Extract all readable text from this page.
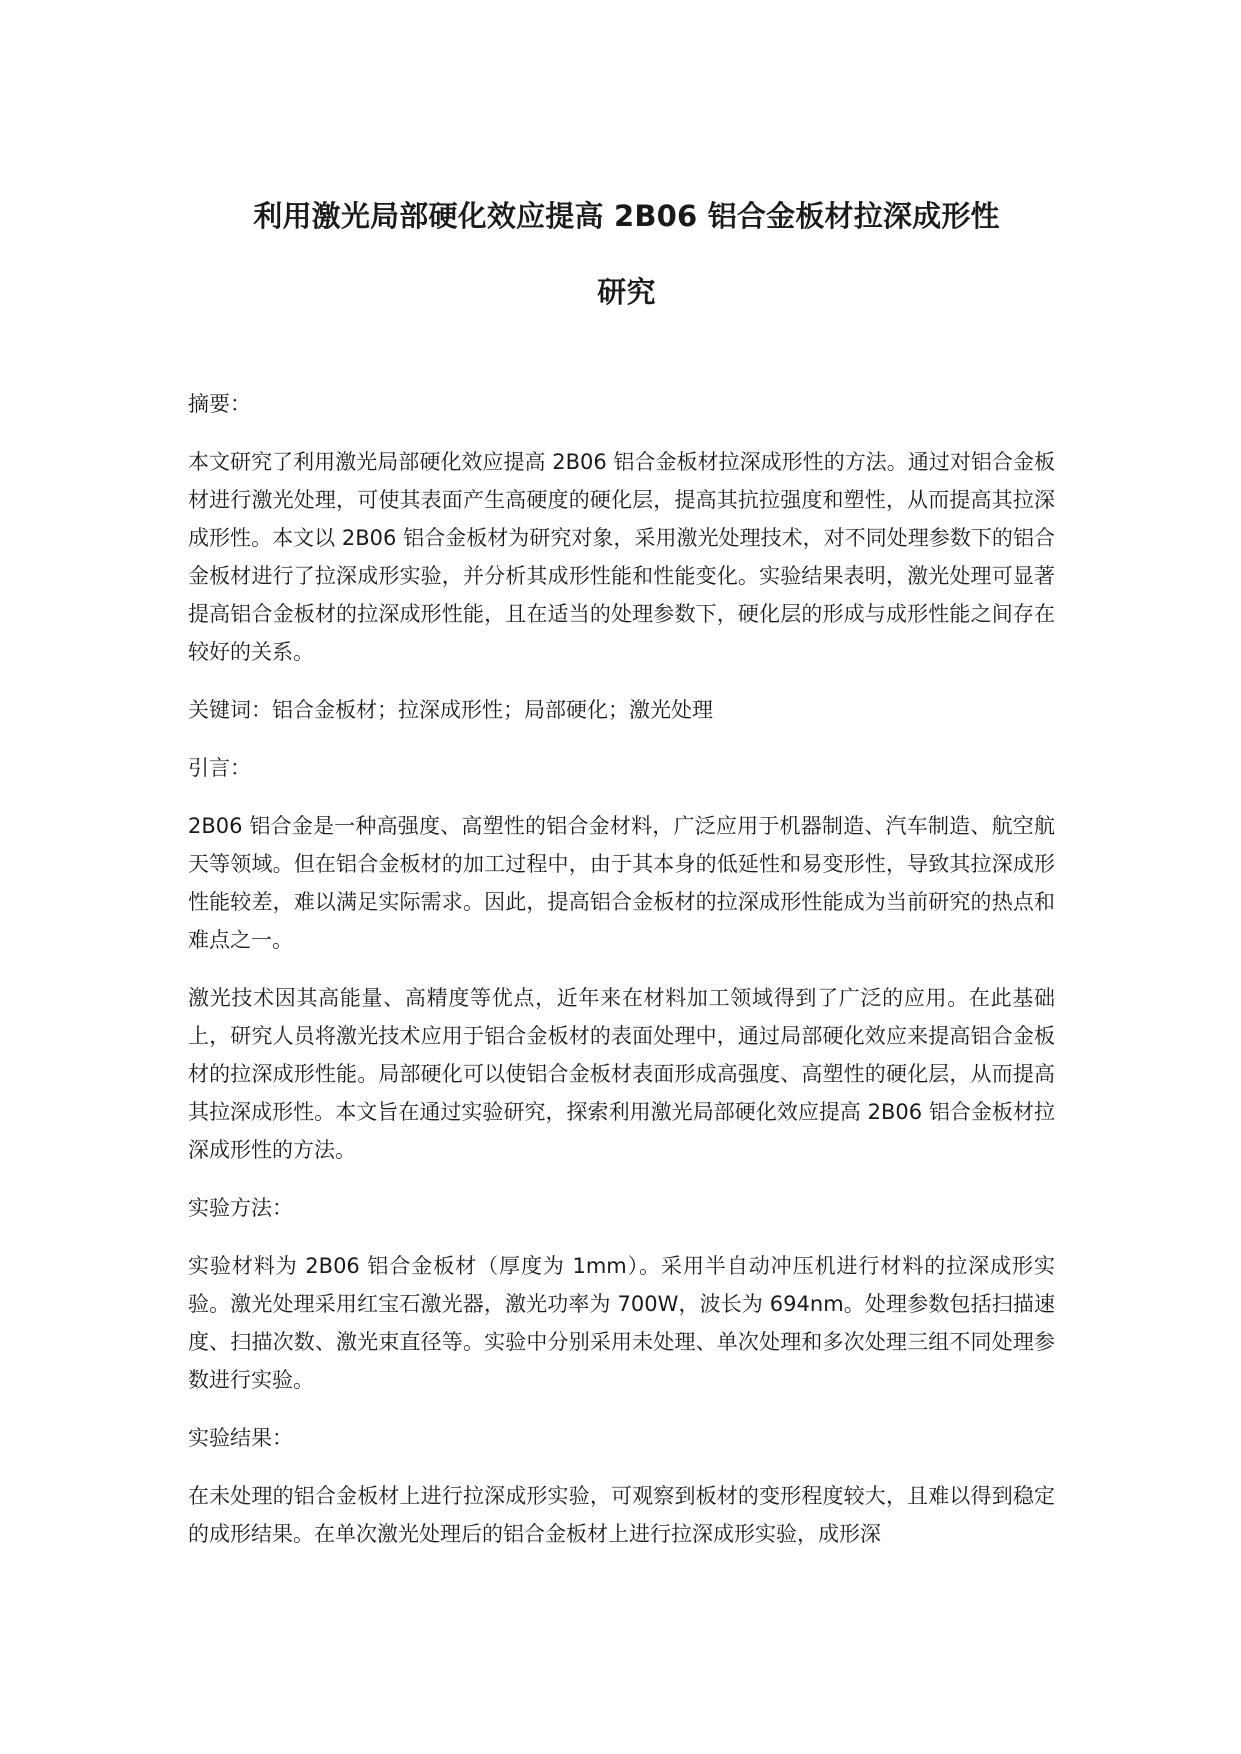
利用激光局部硬化效应提高 2B06 铝合金板材拉深成形性
研究

摘要：

本文研究了利用激光局部硬化效应提高 2B06 铝合金板材拉深成形性的方法。通过对铝合金板材进行激光处理，可使其表面产生高硬度的硬化层，提高其抗拉强度和塑性，从而提高其拉深成形性。本文以 2B06 铝合金板材为研究对象，采用激光处理技术，对不同处理参数下的铝合金板材进行了拉深成形实验，并分析其成形性能和性能变化。实验结果表明，激光处理可显著提高铝合金板材的拉深成形性能，且在适当的处理参数下，硬化层的形成与成形性能之间存在较好的关系。

关键词：铝合金板材；拉深成形性；局部硬化；激光处理

引言：

2B06 铝合金是一种高强度、高塑性的铝合金材料，广泛应用于机器制造、汽车制造、航空航天等领域。但在铝合金板材的加工过程中，由于其本身的低延性和易变形性，导致其拉深成形性能较差，难以满足实际需求。因此，提高铝合金板材的拉深成形性能成为当前研究的热点和难点之一。

激光技术因其高能量、高精度等优点，近年来在材料加工领域得到了广泛的应用。在此基础上，研究人员将激光技术应用于铝合金板材的表面处理中，通过局部硬化效应来提高铝合金板材的拉深成形性能。局部硬化可以使铝合金板材表面形成高强度、高塑性的硬化层，从而提高其拉深成形性。本文旨在通过实验研究，探索利用激光局部硬化效应提高 2B06 铝合金板材拉深成形性的方法。

实验方法：

实验材料为 2B06 铝合金板材（厚度为 1mm）。采用半自动冲压机进行材料的拉深成形实验。激光处理采用红宝石激光器，激光功率为 700W，波长为 694nm。处理参数包括扫描速度、扫描次数、激光束直径等。实验中分别采用未处理、单次处理和多次处理三组不同处理参数进行实验。

实验结果：

在未处理的铝合金板材上进行拉深成形实验，可观察到板材的变形程度较大，且难以得到稳定的成形结果。在单次激光处理后的铝合金板材上进行拉深成形实验，成形深
